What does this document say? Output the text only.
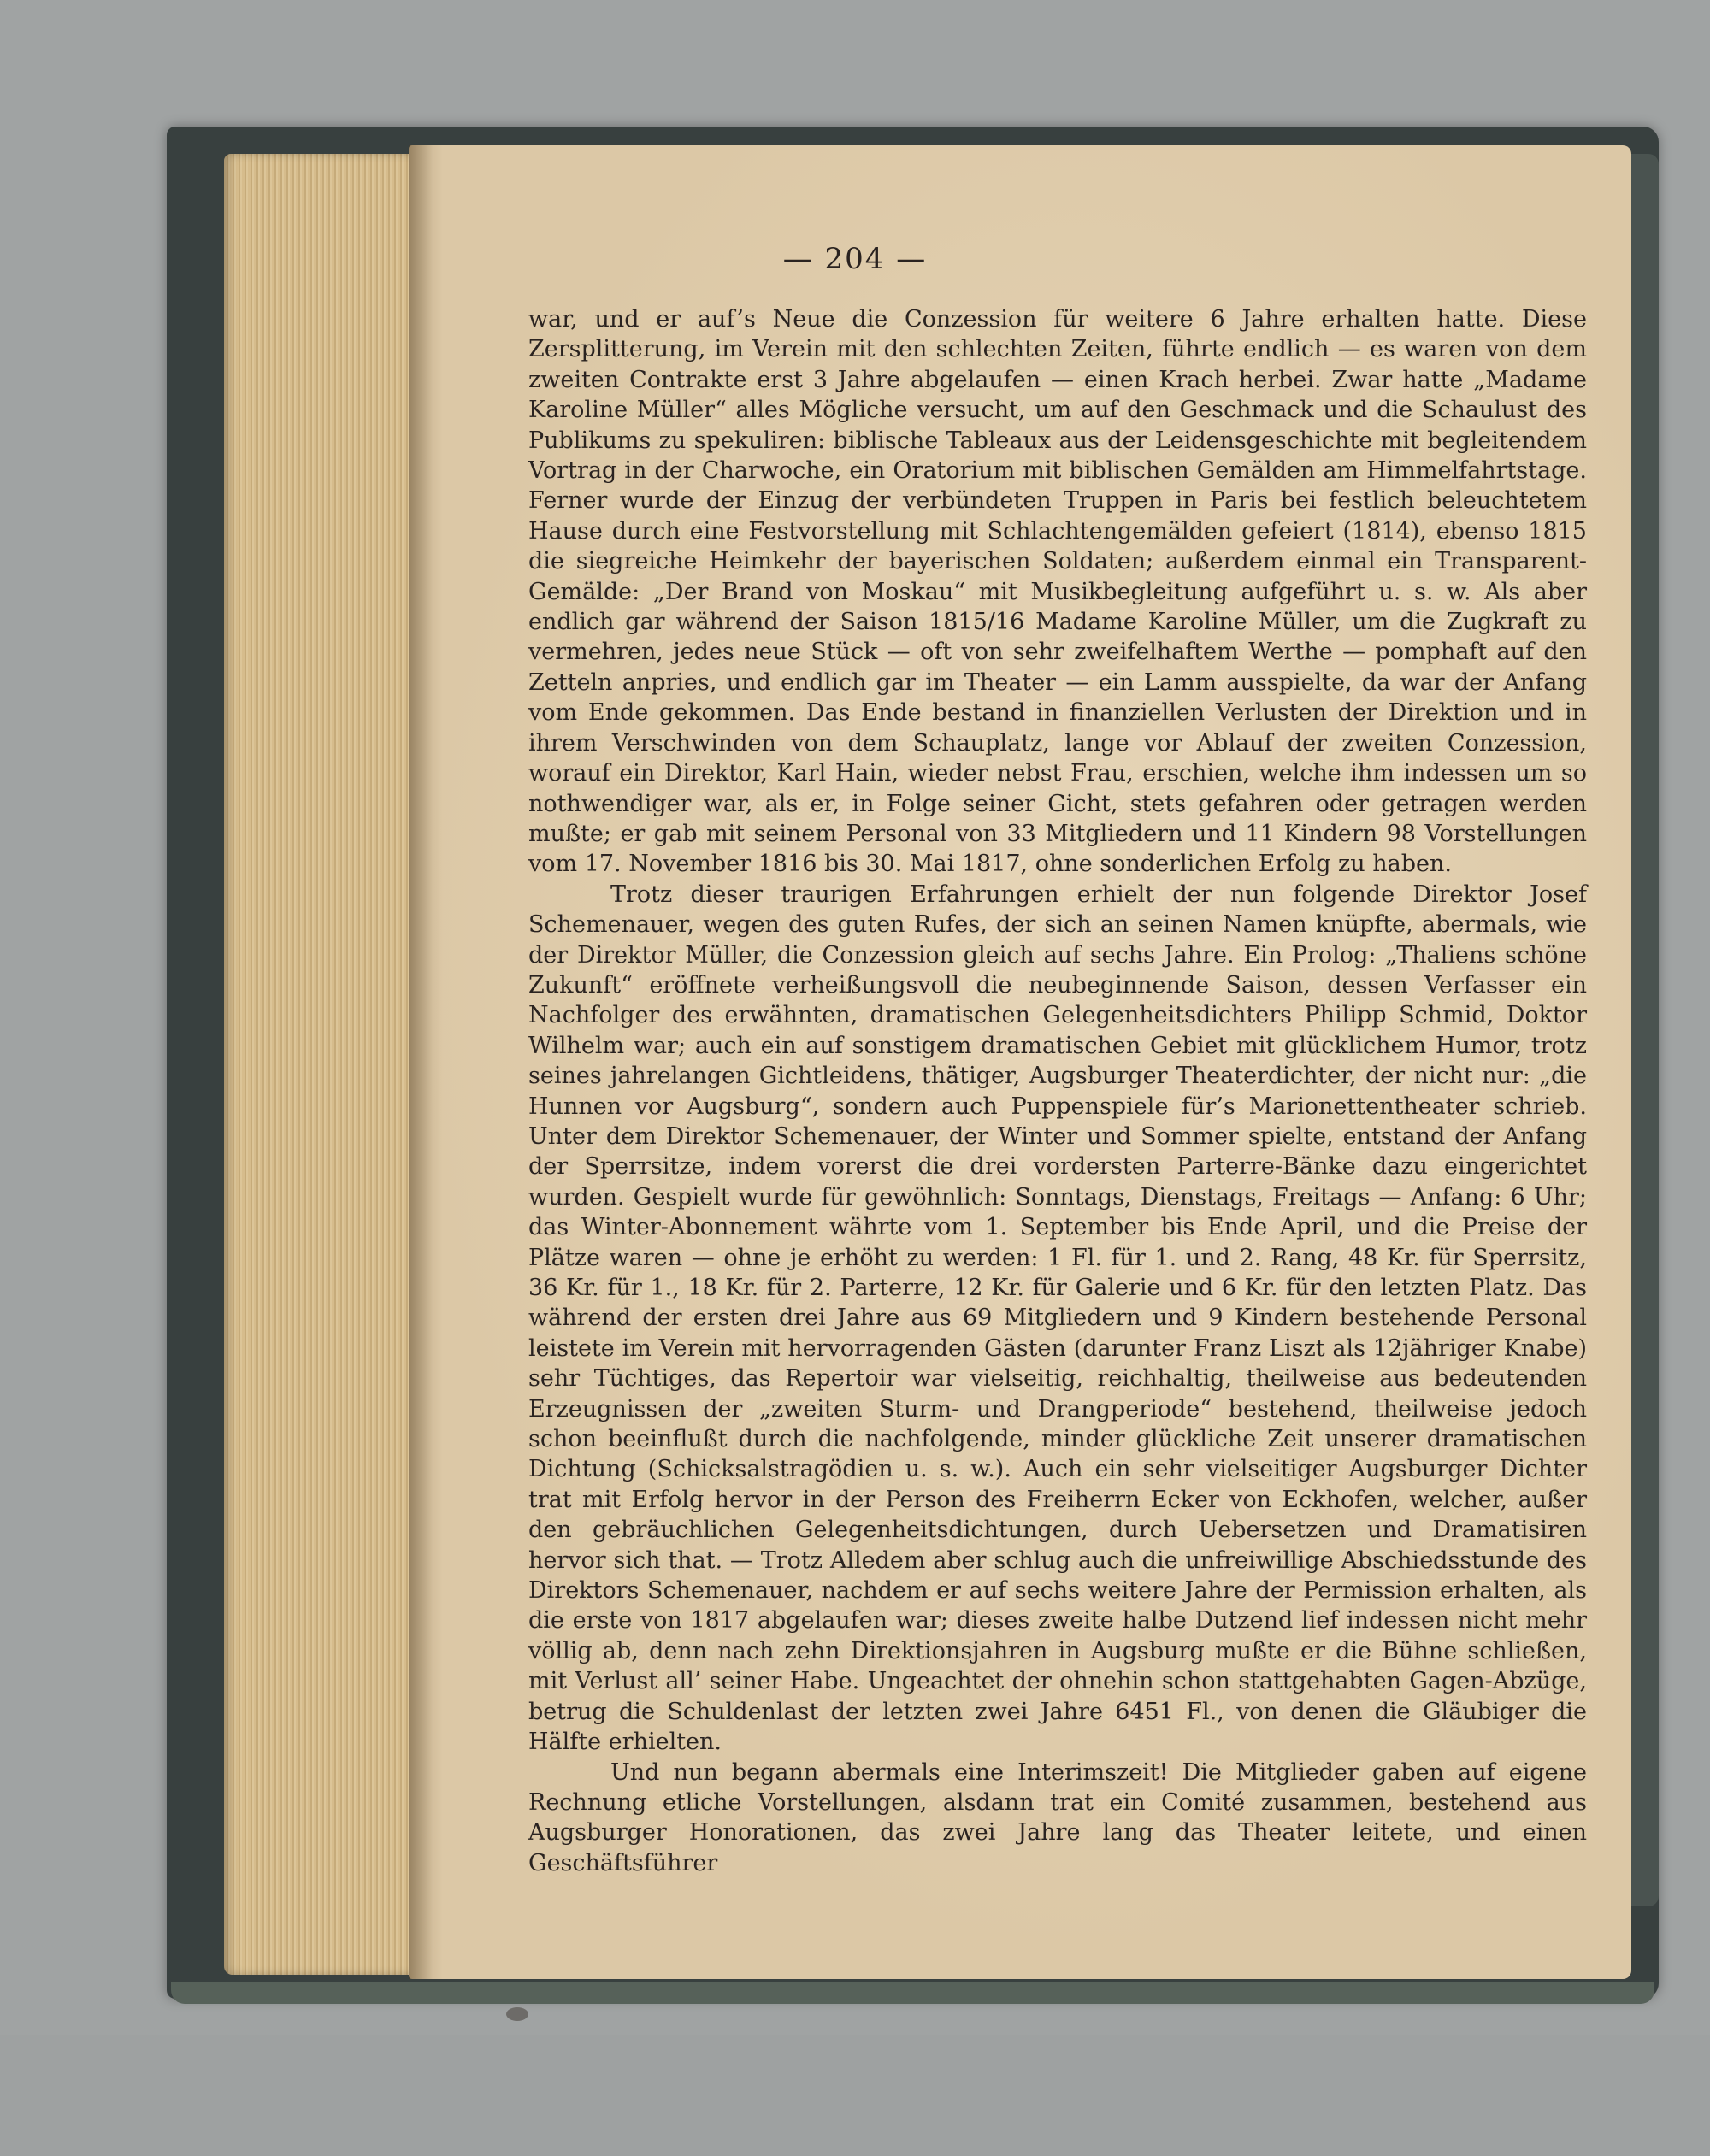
— 204 —

war, und er auf’s Neue die Conzession für weitere 6 Jahre erhalten hatte. Diese Zersplitterung, im Verein mit den schlechten Zeiten, führte endlich — es waren von dem zweiten Contrakte erst 3 Jahre abgelaufen — einen Krach herbei. Zwar hatte „Madame Karoline Müller“ alles Mögliche versucht, um auf den Geschmack und die Schaulust des Publikums zu spekuliren: biblische Tableaux aus der Leidensgeschichte mit begleitendem Vortrag in der Charwoche, ein Oratorium mit biblischen Gemälden am Himmelfahrtstage. Ferner wurde der Einzug der verbündeten Truppen in Paris bei festlich beleuchtetem Hause durch eine Festvorstellung mit Schlachtengemälden gefeiert (1814), ebenso 1815 die siegreiche Heimkehr der bayerischen Soldaten; außerdem einmal ein Transparent-Gemälde: „Der Brand von Moskau“ mit Musikbegleitung aufgeführt u. s. w. Als aber endlich gar während der Saison 1815/16 Madame Karoline Müller, um die Zugkraft zu vermehren, jedes neue Stück — oft von sehr zweifelhaftem Werthe — pomphaft auf den Zetteln anpries, und endlich gar im Theater — ein Lamm ausspielte, da war der Anfang vom Ende gekommen. Das Ende bestand in finanziellen Verlusten der Direktion und in ihrem Verschwinden von dem Schauplatz, lange vor Ablauf der zweiten Conzession, worauf ein Direktor, Karl Hain, wieder nebst Frau, erschien, welche ihm indessen um so nothwendiger war, als er, in Folge seiner Gicht, stets gefahren oder getragen werden mußte; er gab mit seinem Personal von 33 Mitgliedern und 11 Kindern 98 Vorstellungen vom 17. November 1816 bis 30. Mai 1817, ohne sonderlichen Erfolg zu haben.

Trotz dieser traurigen Erfahrungen erhielt der nun folgende Direktor Josef Schemenauer, wegen des guten Rufes, der sich an seinen Namen knüpfte, abermals, wie der Direktor Müller, die Conzession gleich auf sechs Jahre. Ein Prolog: „Thaliens schöne Zukunft“ eröffnete verheißungsvoll die neubeginnende Saison, dessen Verfasser ein Nachfolger des erwähnten, dramatischen Gelegenheitsdichters Philipp Schmid, Doktor Wilhelm war; auch ein auf sonstigem dramatischen Gebiet mit glücklichem Humor, trotz seines jahrelangen Gichtleidens, thätiger, Augsburger Theaterdichter, der nicht nur: „die Hunnen vor Augsburg“, sondern auch Puppenspiele für’s Marionettentheater schrieb. Unter dem Direktor Schemenauer, der Winter und Sommer spielte, entstand der Anfang der Sperrsitze, indem vorerst die drei vordersten Parterre-Bänke dazu eingerichtet wurden. Gespielt wurde für gewöhnlich: Sonntags, Dienstags, Freitags — Anfang: 6 Uhr; das Winter-Abonnement währte vom 1. September bis Ende April, und die Preise der Plätze waren — ohne je erhöht zu werden: 1 Fl. für 1. und 2. Rang, 48 Kr. für Sperrsitz, 36 Kr. für 1., 18 Kr. für 2. Parterre, 12 Kr. für Galerie und 6 Kr. für den letzten Platz. Das während der ersten drei Jahre aus 69 Mitgliedern und 9 Kindern bestehende Personal leistete im Verein mit hervorragenden Gästen (darunter Franz Liszt als 12jähriger Knabe) sehr Tüchtiges, das Repertoir war vielseitig, reichhaltig, theilweise aus bedeutenden Erzeugnissen der „zweiten Sturm- und Drangperiode“ bestehend, theilweise jedoch schon beeinflußt durch die nachfolgende, minder glückliche Zeit unserer dramatischen Dichtung (Schicksalstragödien u. s. w.). Auch ein sehr vielseitiger Augsburger Dichter trat mit Erfolg hervor in der Person des Freiherrn Ecker von Eckhofen, welcher, außer den gebräuchlichen Gelegenheitsdichtungen, durch Uebersetzen und Dramatisiren hervor sich that. — Trotz Alledem aber schlug auch die unfreiwillige Abschiedsstunde des Direktors Schemenauer, nachdem er auf sechs weitere Jahre der Permission erhalten, als die erste von 1817 abgelaufen war; dieses zweite halbe Dutzend lief indessen nicht mehr völlig ab, denn nach zehn Direktionsjahren in Augsburg mußte er die Bühne schließen, mit Verlust all’ seiner Habe. Ungeachtet der ohnehin schon stattgehabten Gagen-Abzüge, betrug die Schuldenlast der letzten zwei Jahre 6451 Fl., von denen die Gläubiger die Hälfte erhielten.

Und nun begann abermals eine Interimszeit! Die Mitglieder gaben auf eigene Rechnung etliche Vorstellungen, alsdann trat ein Comité zusammen, bestehend aus Augsburger Honorationen, das zwei Jahre lang das Theater leitete, und einen Geschäftsführer
